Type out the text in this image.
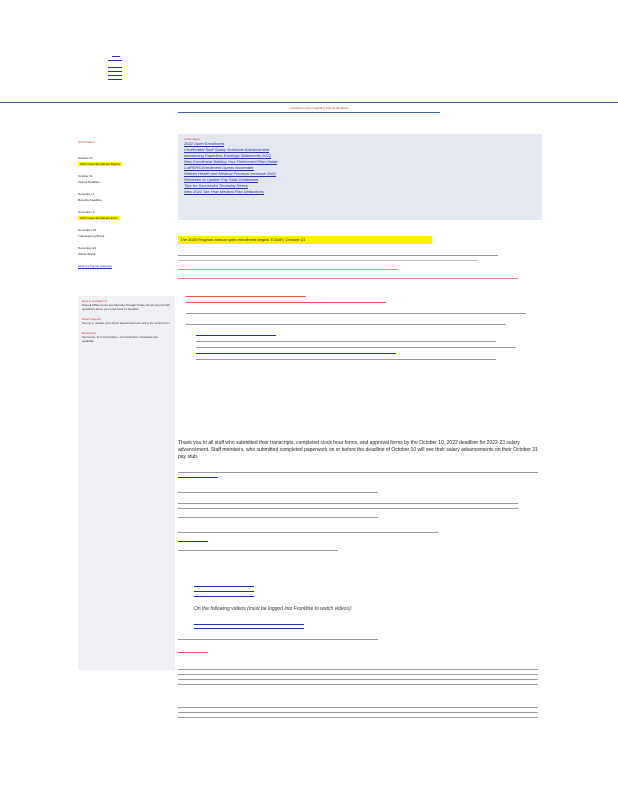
Important notice regarding Payroll deadlines
Quick Dates
October 21
2022 Open Enrollment Begins
October 31
Payroll Deadline
November 4
Benefits Deadline
November 9
2022 Open Enrollment Ends
November 15
Thanksgiving Break
December 23
Winter Break
2022-23 Payroll Calendar
How to Contact Us
Payroll Office hours are Monday through Friday. Email payroll with questions about your paycheck or benefits.
Direct Deposit
Set up or update your direct deposit account using the online form.
Resources
Tax forms, W-2 information, and deduction schedules are available.
In the News
2022 Open Enrollment
Certificated Staff Salary Schedule Advancement
Introducing Paperless Earnings Statements 2022
New Enrollment Waiting Your Retirement Plan Guide
CalPERS Enrollment Opens November
Retiree Health and Medical Premium Increase 2022
Reminder to Update Pay Stub Credentials
Tips for Successful Thursday Stress
New 2022 Tax Year Medical Plan Deductions
The 2023 Program annual open enrollment begins TODAY, October 21
Thank you to all staff who submitted their transcripts, completed clock hour forms, and approval forms by the October 10, 2022 deadline for 2022-23 salary advancement. Staff members, who submitted completed paperwork on or before the deadline of October 10 will see their salary advancements on their October 31 pay stub.
On the following videos (must be logged into Frontline to watch videos):
